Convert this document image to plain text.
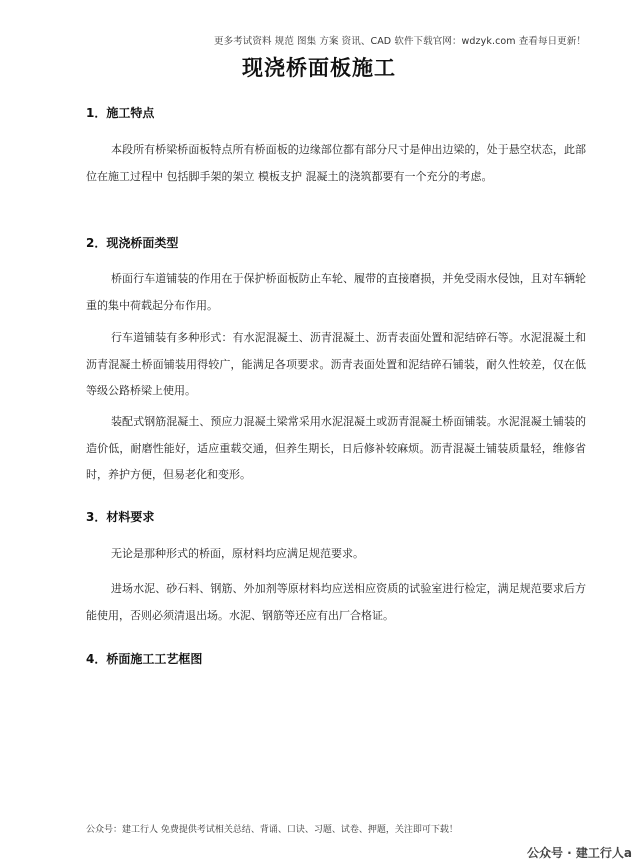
更多考试资料 规范 图集 方案 资讯、CAD 软件下载官网：wdzyk.com 查看每日更新！
现浇桥面板施工
1．施工特点
本段所有桥梁桥面板特点所有桥面板的边缘部位都有部分尺寸是伸出边梁的，处于悬空状态，此部位在施工过程中 包括脚手架的架立 模板支护 混凝土的浇筑都要有一个充分的考虑。
2．现浇桥面类型
桥面行车道铺装的作用在于保护桥面板防止车轮、履带的直接磨损，并免受雨水侵蚀，且对车辆轮重的集中荷载起分布作用。
行车道铺装有多种形式：有水泥混凝土、沥青混凝土、沥青表面处置和泥结碎石等。水泥混凝土和沥青混凝土桥面铺装用得较广，能满足各项要求。沥青表面处置和泥结碎石铺装，耐久性较差，仅在低等级公路桥梁上使用。
装配式钢筋混凝土、预应力混凝土梁常采用水泥混凝土或沥青混凝土桥面铺装。水泥混凝土铺装的造价低，耐磨性能好，适应重载交通，但养生期长，日后修补较麻烦。沥青混凝土铺装质量轻，维修省时，养护方便，但易老化和变形。
3．材料要求
无论是那种形式的桥面，原材料均应满足规范要求。
进场水泥、砂石料、钢筋、外加剂等原材料均应送相应资质的试验室进行检定，满足规范要求后方能使用，否则必须清退出场。水泥、钢筋等还应有出厂合格证。
4．桥面施工工艺框图
公众号：建工行人 免费提供考试相关总结、背诵、口诀、习题、试卷、押题，关注即可下载！
公众号 · 建工行人a
